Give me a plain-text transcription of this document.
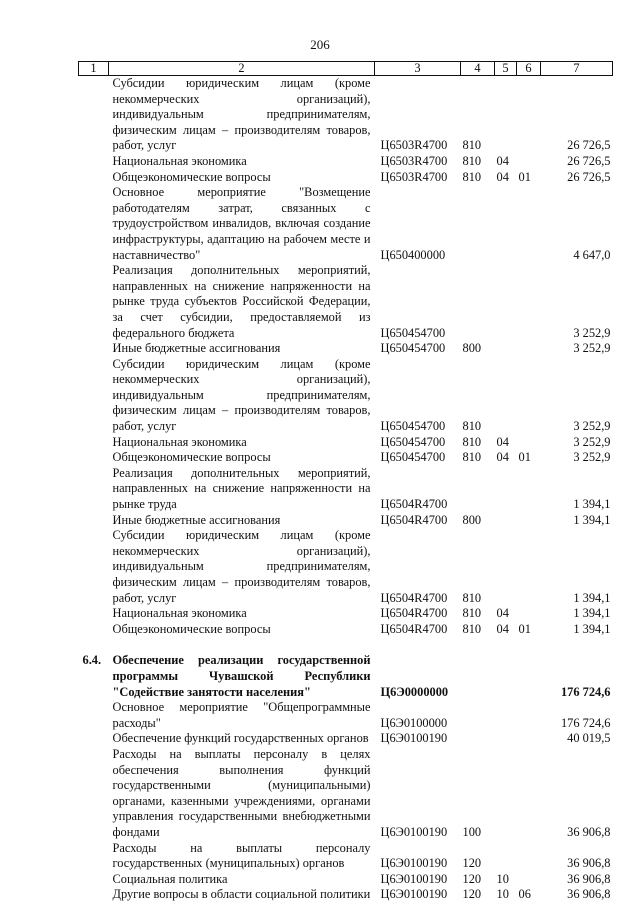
206
1	2	3	4	5	6	7
	Субсидии юридическим лицам (кроме некоммерческих организаций), индивидуальным предпринимателям, физическим лицам – производителям товаров, работ, услуг	Ц6503R4700	810			26 726,5
	Национальная экономика	Ц6503R4700	810	04		26 726,5
	Общеэкономические вопросы	Ц6503R4700	810	04	01	26 726,5
	Основное мероприятие "Возмещение работодателям затрат, связанных с трудоустройством инвалидов, включая создание инфраструктуры, адаптацию на рабочем месте и наставничество"	Ц650400000				4 647,0
	Реализация дополнительных мероприятий, направленных на снижение напряженности на рынке труда субъектов Российской Федерации, за счет субсидии, предоставляемой из федерального бюджета	Ц650454700				3 252,9
	Иные бюджетные ассигнования	Ц650454700	800			3 252,9
	Субсидии юридическим лицам (кроме некоммерческих организаций), индивидуальным предпринимателям, физическим лицам – производителям товаров, работ, услуг	Ц650454700	810			3 252,9
	Национальная экономика	Ц650454700	810	04		3 252,9
	Общеэкономические вопросы	Ц650454700	810	04	01	3 252,9
	Реализация дополнительных мероприятий, направленных на снижение напряженности на рынке труда	Ц6504R4700				1 394,1
	Иные бюджетные ассигнования	Ц6504R4700	800			1 394,1
	Субсидии юридическим лицам (кроме некоммерческих организаций), индивидуальным предпринимателям, физическим лицам – производителям товаров, работ, услуг	Ц6504R4700	810			1 394,1
	Национальная экономика	Ц6504R4700	810	04		1 394,1
	Общеэкономические вопросы	Ц6504R4700	810	04	01	1 394,1

6.4.	Обеспечение реализации государственной программы Чувашской Республики "Содействие занятости населения"	Ц6Э0000000				176 724,6
	Основное мероприятие "Общепрограммные расходы"	Ц6Э0100000				176 724,6
	Обеспечение функций государственных органов	Ц6Э0100190				40 019,5
	Расходы на выплаты персоналу в целях обеспечения выполнения функций государственными (муниципальными) органами, казенными учреждениями, органами управления государственными внебюджетными фондами	Ц6Э0100190	100			36 906,8
	Расходы на выплаты персоналу государственных (муниципальных) органов	Ц6Э0100190	120			36 906,8
	Социальная политика	Ц6Э0100190	120	10		36 906,8
	Другие вопросы в области социальной политики	Ц6Э0100190	120	10	06	36 906,8
